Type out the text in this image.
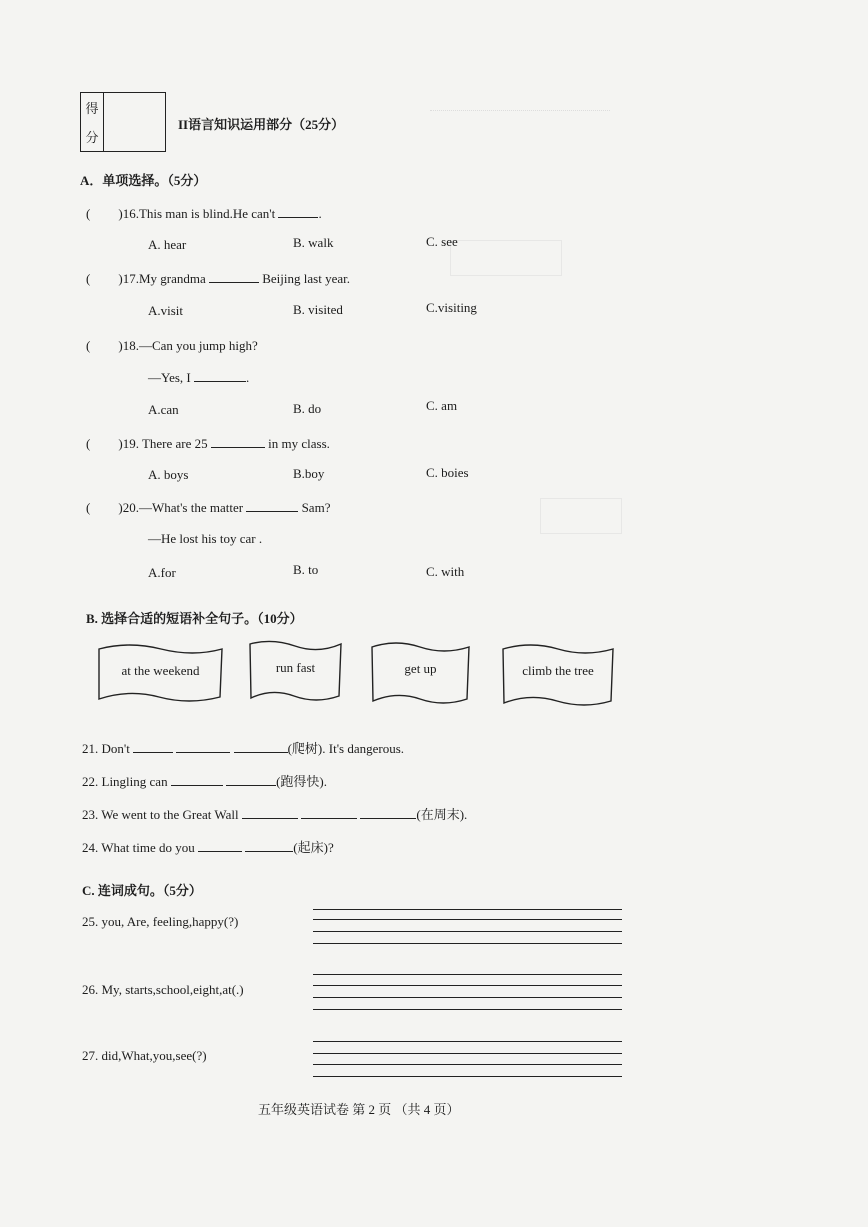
得
分
II语言知识运用部分（25分）
A．单项选择。（5分）
( )16.This man is blind.He can't	.
A. hear	B. walk	C. see
( )17.My grandma	Beijing last year.
A.visit	B. visited	C.visiting
( )18.—Can you jump high?
—Yes, I	.
A.can	B. do	C. am
( )19. There are 25	in my class.
A. boys	B.boy	C. boies
( )20.—What's the matter	Sam?
—He lost his toy car .
A.for	B. to	C. with
B. 选择合适的短语补全句子。（10分）
at the weekend	run fast	get up	climb the tree
21. Don't	(爬树). It's dangerous.
22. Lingling can	(跑得快).
23. We went to the Great Wall	(在周末).
24. What time do you	(起床)?
C. 连词成句。（5分）
25. you, Are, feeling,happy(?)
26. My, starts,school,eight,at(.)
27. did,What,you,see(?)
五年级英语试卷 第 2 页 （共 4 页）
